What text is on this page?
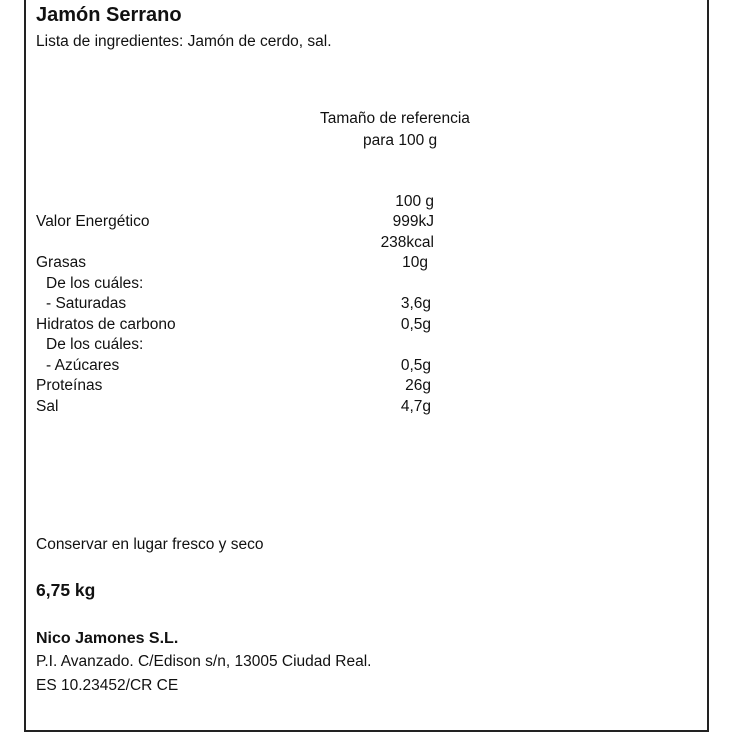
Jamón Serrano
Lista de ingredientes: Jamón de cerdo, sal.
Tamaño de referencia
para 100 g
100 g
Valor Energético	999kJ
238kcal
Grasas	10g
De los cuáles:
- Saturadas	3,6g
Hidratos de carbono	0,5g
De los cuáles:
- Azúcares	0,5g
Proteínas	26g
Sal	4,7g
Conservar en lugar fresco y seco
6,75 kg
Nico Jamones S.L.
P.I. Avanzado. C/Edison s/n, 13005 Ciudad Real.
ES 10.23452/CR CE
